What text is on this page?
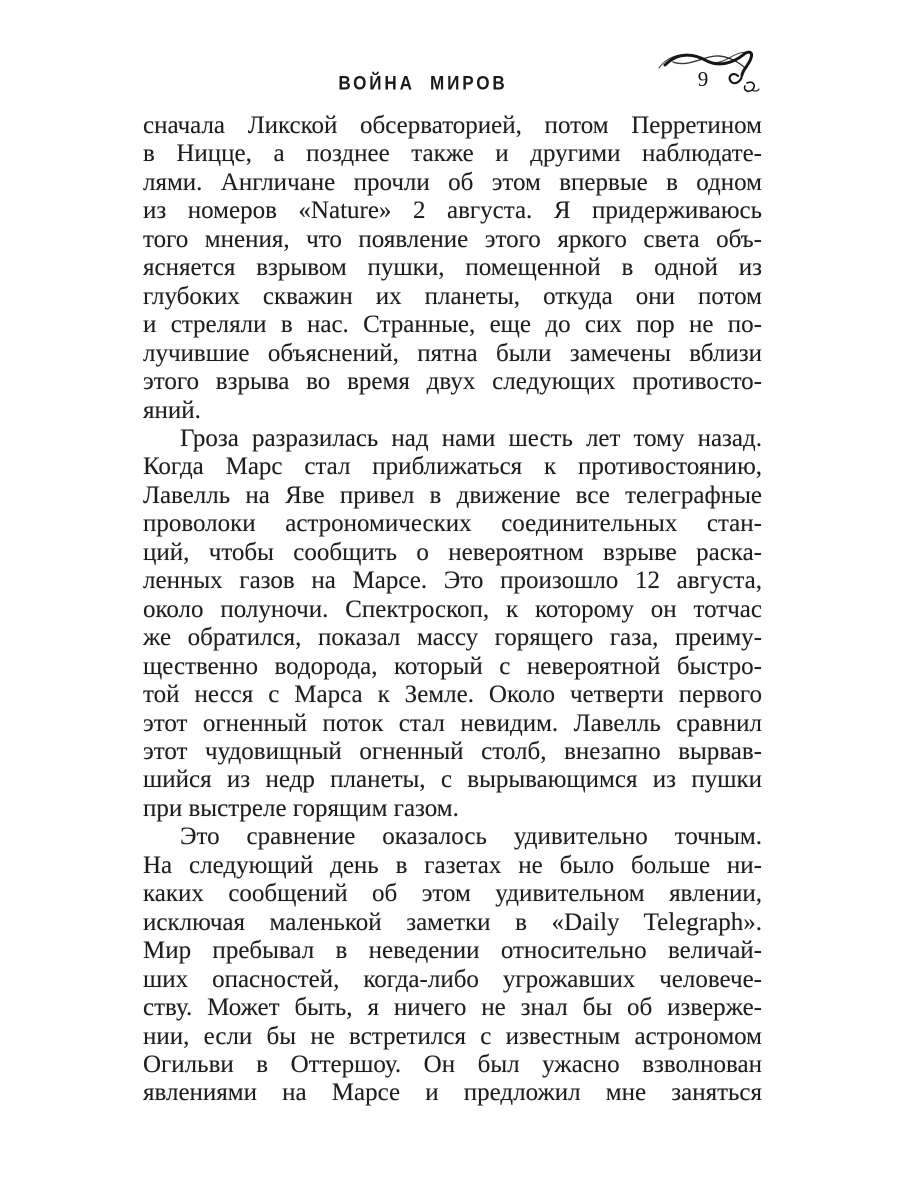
ВОЙНА МИРОВ	9

сначала Ликской обсерваторией, потом Перретином
в Ницце, а позднее также и другими наблюдате-
лями. Англичане прочли об этом впервые в одном
из номеров «Nature» 2 августа. Я придерживаюсь
того мнения, что появление этого яркого света объ-
ясняется взрывом пушки, помещенной в одной из
глубоких скважин их планеты, откуда они потом
и стреляли в нас. Странные, еще до сих пор не по-
лучившие объяснений, пятна были замечены вблизи
этого взрыва во время двух следующих противосто-
яний.

Гроза разразилась над нами шесть лет тому назад.
Когда Марс стал приближаться к противостоянию,
Лавелль на Яве привел в движение все телеграфные
проволоки астрономических соединительных стан-
ций, чтобы сообщить о невероятном взрыве раска-
ленных газов на Марсе. Это произошло 12 августа,
около полуночи. Спектроскоп, к которому он тотчас
же обратился, показал массу горящего газа, преиму-
щественно водорода, который с невероятной быстро-
той несся с Марса к Земле. Около четверти первого
этот огненный поток стал невидим. Лавелль сравнил
этот чудовищный огненный столб, внезапно вырвав-
шийся из недр планеты, с вырывающимся из пушки
при выстреле горящим газом.

Это сравнение оказалось удивительно точным.
На следующий день в газетах не было больше ни-
каких сообщений об этом удивительном явлении,
исключая маленькой заметки в «Daily Telegraph».
Мир пребывал в неведении относительно величай-
ших опасностей, когда-либо угрожавших человече-
ству. Может быть, я ничего не знал бы об изверже-
нии, если бы не встретился с известным астрономом
Огильви в Оттершоу. Он был ужасно взволнован
явлениями на Марсе и предложил мне заняться
